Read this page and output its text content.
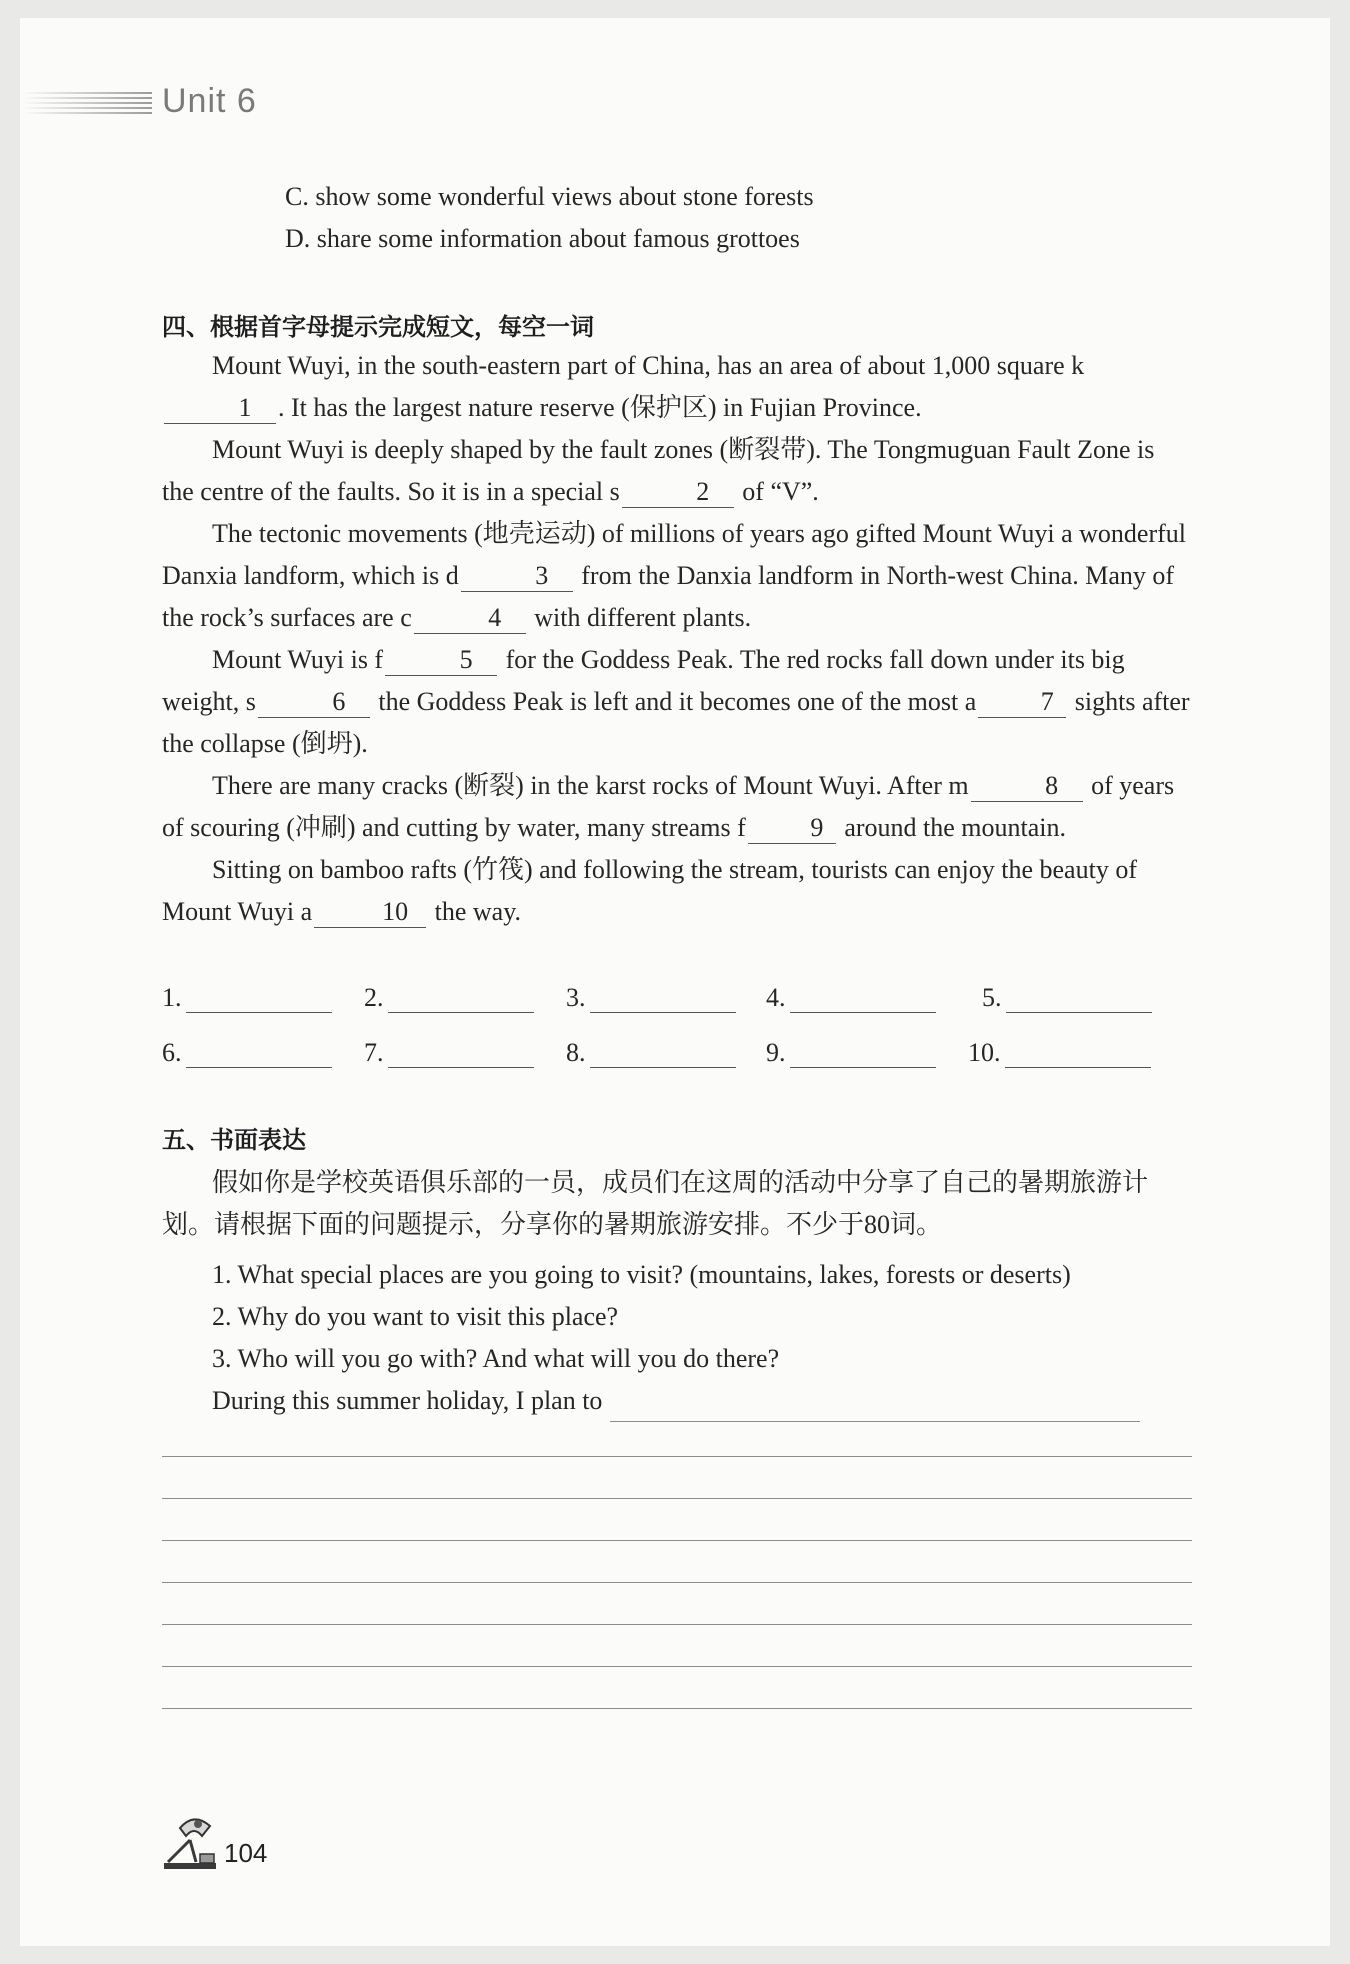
Unit 6
C. show some wonderful views about stone forests
D. share some information about famous grottoes
四、根据首字母提示完成短文，每空一词

Mount Wuyi, in the south-eastern part of China, has an area of about 1,000 square k1 . It has the largest nature reserve (保护区) in Fujian Province.

Mount Wuyi is deeply shaped by the fault zones (断裂带). The Tongmuguan Fault Zone is the centre of the faults. So it is in a special s	2 of “V”.

The tectonic movements (地壳运动) of millions of years ago gifted Mount Wuyi a wonderful Danxia landform, which is d	3 from the Danxia landform in North-west China. Many of the rock’s surfaces are c	4 with different plants.

Mount Wuyi is f	5 for the Goddess Peak. The red rocks fall down under its big weight, s	6 the Goddess Peak is left and it becomes one of the most a 7 sights after the collapse (倒坍).

There are many cracks (断裂) in the karst rocks of Mount Wuyi. After m	8 of years of scouring (冲刷) and cutting by water, many streams f 9 around the mountain.

Sitting on bamboo rafts (竹筏) and following the stream, tourists can enjoy the beauty of Mount Wuyi a	10 the way.

1.	2.	3.	4.	5.
6.	7.	8.	9.	10.
五、书面表达

假如你是学校英语俱乐部的一员，成员们在这周的活动中分享了自己的暑期旅游计划。请根据下面的问题提示，分享你的暑期旅游安排。不少于80词。

1. What special places are you going to visit? (mountains, lakes, forests or deserts)
2. Why do you want to visit this place?
3. Who will you go with? And what will you do there?
During this summer holiday, I plan to
104
